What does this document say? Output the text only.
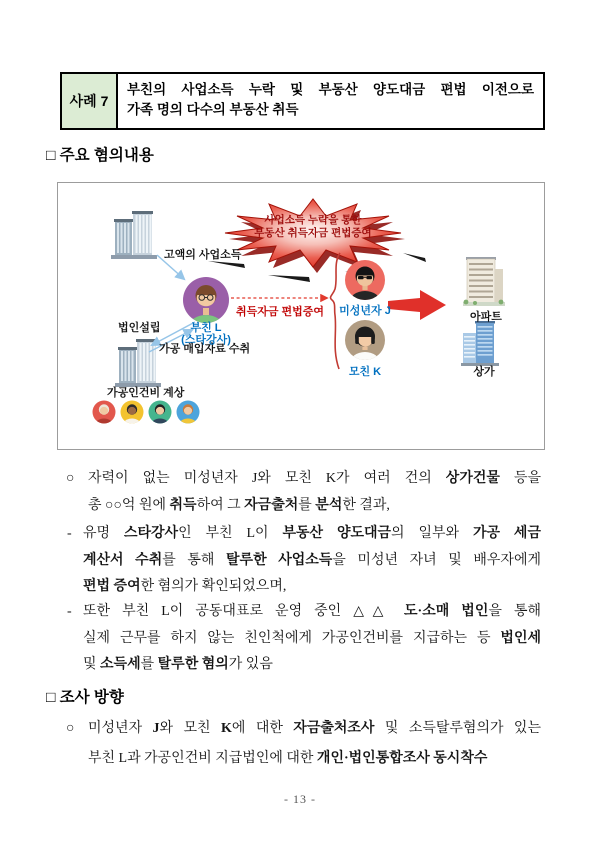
사례 7
부친의 사업소득 누락 및 부동산 양도대금 편법 이전으로
가족 명의 다수의 부동산 취득
□ 주요 혐의내용
사업소득 누락을 통한
부동산 취득자금 편법증여
고액의 사업소득
법인설립
가공 매입자료 수취
가공인건비 계상
부친 L
(스타강사)
취득자금 편법증여	미성년자 J
모친 K
아파트
상가
○ 자력이 없는 미성년자 J와 모친 K가 여러 건의 상가건물 등을
총 ○○억 원에 취득하여 그 자금출처를 분석한 결과,
- 유명 스타강사인 부친 L이 부동산 양도대금의 일부와 가공 세금
계산서 수취를 통해 탈루한 사업소득을 미성년 자녀 및 배우자에게
편법 증여한 혐의가 확인되었으며,
- 또한 부친 L이 공동대표로 운영 중인 △△ 도·소매 법인을 통해
실제 근무를 하지 않는 친인척에게 가공인건비를 지급하는 등 법인세
및 소득세를 탈루한 혐의가 있음
□ 조사 방향
○ 미성년자 J와 모친 K에 대한 자금출처조사 및 소득탈루혐의가 있는
부친 L과 가공인건비 지급법인에 대한 개인·법인통합조사 동시착수
- 13 -
